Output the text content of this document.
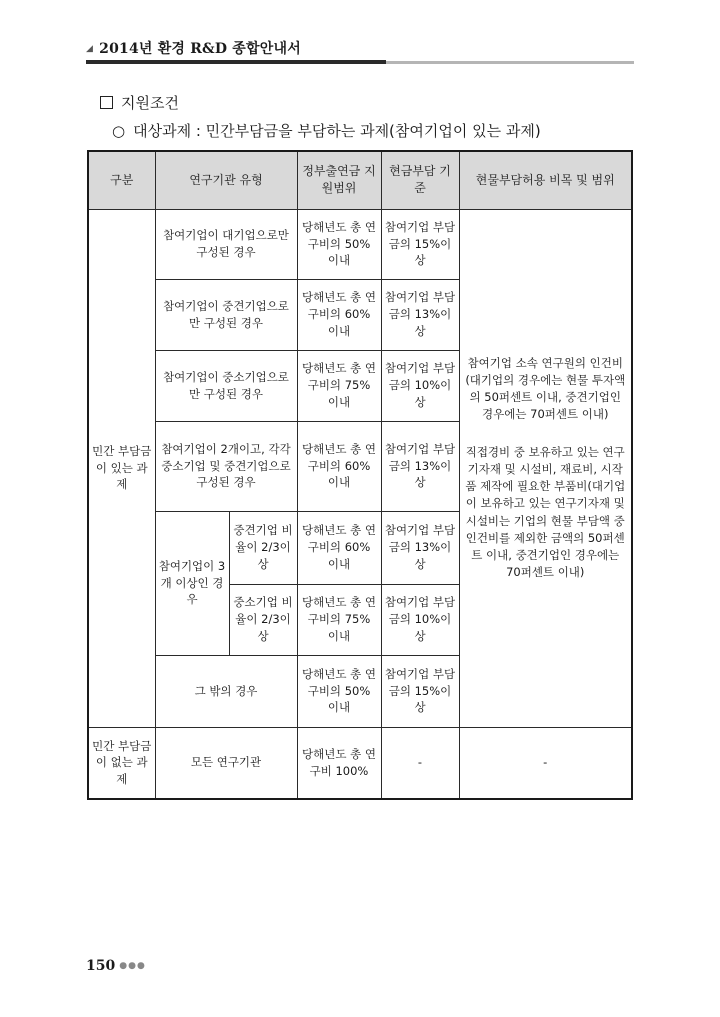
◢ 2014년 환경 R&D 종합안내서
지원조건
○ 대상과제 : 민간부담금을 부담하는 과제(참여기업이 있는 과제)
구분	연구기관 유형		정부출연금 지원범위	현금부담 기준	현물부담허용 비목 및 범위
민간 부담금이 있는 과제	참여기업이 대기업으로만 구성된 경우		당해년도 총 연구비의 50% 이내	참여기업 부담금의 15%이상	참여기업 소속 연구원의 인건비(대기업의 경우에는 현물 투자액의 50퍼센트 이내, 중견기업인 경우에는 70퍼센트 이내)
직접경비 중 보유하고 있는 연구기자재 및 시설비, 재료비, 시작품 제작에 필요한 부품비(대기업이 보유하고 있는 연구기자재 및 시설비는 기업의 현물 부담액 중 인건비를 제외한 금액의 50퍼센트 이내, 중견기업인 경우에는 70퍼센트 이내)

	참여기업이 중견기업으로만 구성된 경우		당해년도 총 연구비의 60% 이내	참여기업 부담금의 13%이상	
	참여기업이 중소기업으로만 구성된 경우		당해년도 총 연구비의 75% 이내	참여기업 부담금의 10%이상	
	참여기업이 2개이고, 각각 중소기업 및 중견기업으로 구성된 경우		당해년도 총 연구비의 60% 이내	참여기업 부담금의 13%이상	
	참여기업이 3개 이상인 경우	중견기업 비율이 2/3이상	당해년도 총 연구비의 60% 이내	참여기업 부담금의 13%이상	
		중소기업 비율이 2/3이상	당해년도 총 연구비의 75% 이내	참여기업 부담금의 10%이상	
	그 밖의 경우		당해년도 총 연구비의 50% 이내	참여기업 부담금의 15%이상	
민간 부담금이 없는 과제	모든 연구기관		당해년도 총 연구비 100%	-	-
150 ●●●
